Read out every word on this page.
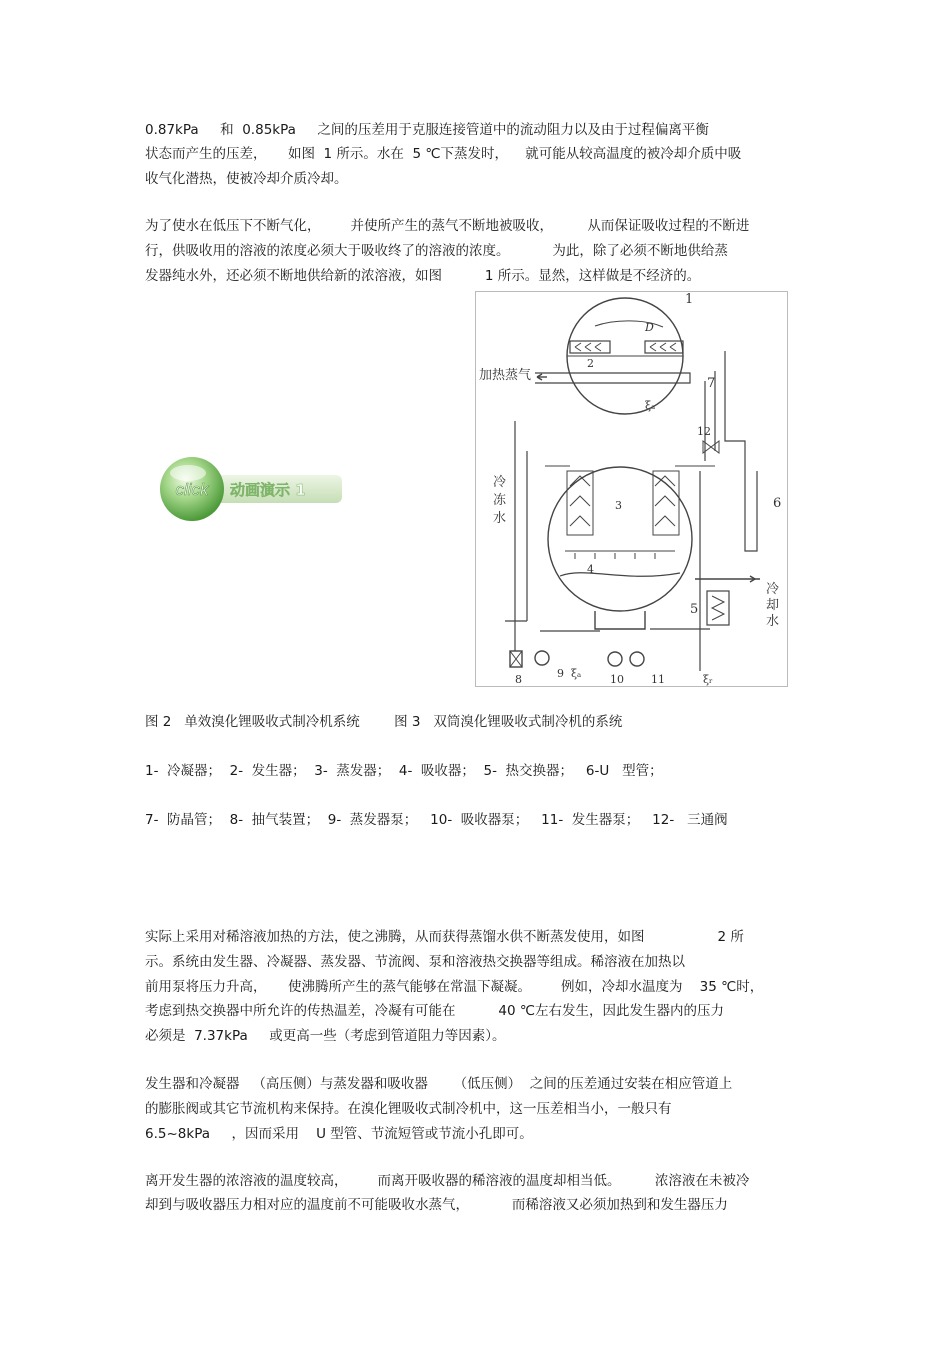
0.87kPa     和  0.85kPa     之间的压差用于克服连接管道中的流动阻力以及由于过程偏离平衡
状态而产生的压差，     如图  1 所示。水在  5 ℃下蒸发时，    就可能从较高温度的被冷却介质中吸
收气化潜热，使被冷却介质冷却。
为了使水在低压下不断气化，       并使所产生的蒸气不断地被吸收，        从而保证吸收过程的不断进
行，供吸收用的溶液的浓度必须大于吸收终了的溶液的浓度。          为此，除了必须不断地供给蒸
发器纯水外，还必须不断地供给新的浓溶液，如图          1 所示。显然，这样做是不经济的。
click 动画演示 1
1
2
3
4
5
6
7
8	9	10 11
12
加热蒸气
冷
冻
水
冷
却
水
ξₐ
ξₐ	ξᵣ
D
图 2   单效溴化锂吸收式制冷机系统        图 3   双筒溴化锂吸收式制冷机的系统
1-  冷凝器；  2-  发生器；  3-  蒸发器；  4-  吸收器；  5-  热交换器；   6-U   型管；
7-  防晶管；  8-  抽气装置；  9-  蒸发器泵；   10-  吸收器泵；   11-  发生器泵；   12-   三通阀
实际上采用对稀溶液加热的方法，使之沸腾，从而获得蒸馏水供不断蒸发使用，如图                 2 所
示。系统由发生器、冷凝器、蒸发器、节流阀、泵和溶液热交换器等组成。稀溶液在加热以
前用泵将压力升高，     使沸腾所产生的蒸气能够在常温下凝凝。       例如，冷却水温度为    35 ℃时，
考虑到热交换器中所允许的传热温差，冷凝有可能在          40 ℃左右发生，因此发生器内的压力
必须是  7.37kPa     或更高一些（考虑到管道阻力等因素）。
发生器和冷凝器   （高压侧）与蒸发器和吸收器      （低压侧）  之间的压差通过安装在相应管道上
的膨胀阀或其它节流机构来保持。在溴化锂吸收式制冷机中，这一压差相当小，一般只有
6.5~8kPa     ，因而采用    U 型管、节流短管或节流小孔即可。
离开发生器的浓溶液的温度较高，       而离开吸收器的稀溶液的温度却相当低。        浓溶液在未被冷
却到与吸收器压力相对应的温度前不可能吸收水蒸气，          而稀溶液又必须加热到和发生器压力
